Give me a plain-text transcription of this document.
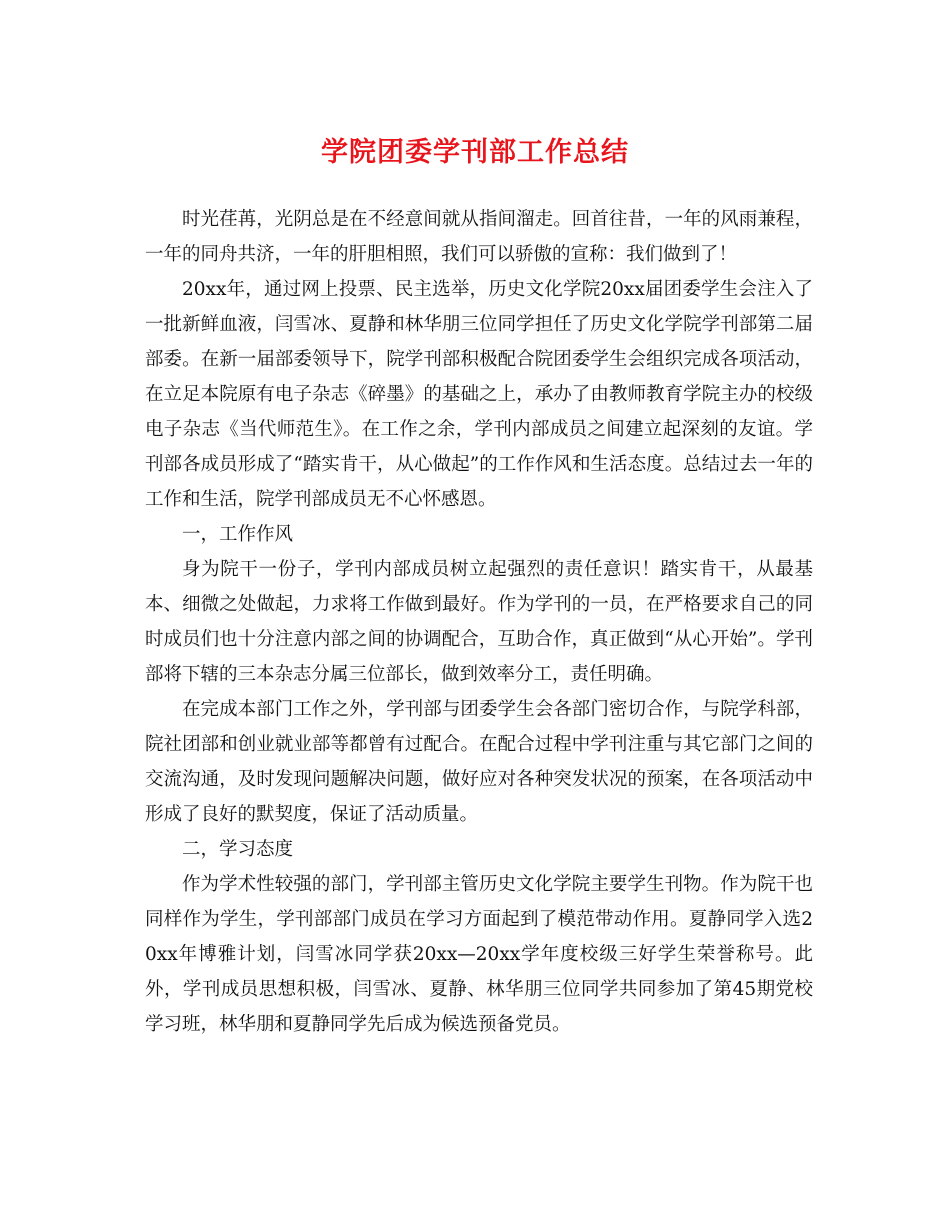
学院团委学刊部工作总结

时光荏苒，光阴总是在不经意间就从指间溜走。回首往昔，一年的风雨兼程，一年的同舟共济，一年的肝胆相照，我们可以骄傲的宣称：我们做到了！

20xx年，通过网上投票、民主选举，历史文化学院20xx届团委学生会注入了一批新鲜血液，闫雪冰、夏静和林华朋三位同学担任了历史文化学院学刊部第二届部委。在新一届部委领导下，院学刊部积极配合院团委学生会组织完成各项活动，在立足本院原有电子杂志《碎墨》的基础之上，承办了由教师教育学院主办的校级电子杂志《当代师范生》。在工作之余，学刊内部成员之间建立起深刻的友谊。学刊部各成员形成了“踏实肯干，从心做起”的工作作风和生活态度。总结过去一年的工作和生活，院学刊部成员无不心怀感恩。

一，工作作风

身为院干一份子，学刊内部成员树立起强烈的责任意识！踏实肯干，从最基本、细微之处做起，力求将工作做到最好。作为学刊的一员，在严格要求自己的同时成员们也十分注意内部之间的协调配合，互助合作，真正做到“从心开始”。学刊部将下辖的三本杂志分属三位部长，做到效率分工，责任明确。

在完成本部门工作之外，学刊部与团委学生会各部门密切合作，与院学科部，院社团部和创业就业部等都曾有过配合。在配合过程中学刊注重与其它部门之间的交流沟通，及时发现问题解决问题，做好应对各种突发状况的预案，在各项活动中形成了良好的默契度，保证了活动质量。

二，学习态度

作为学术性较强的部门，学刊部主管历史文化学院主要学生刊物。作为院干也同样作为学生，学刊部部门成员在学习方面起到了模范带动作用。夏静同学入选20xx年博雅计划，闫雪冰同学获20xx—20xx学年度校级三好学生荣誉称号。此外，学刊成员思想积极，闫雪冰、夏静、林华朋三位同学共同参加了第45期党校学习班，林华朋和夏静同学先后成为候选预备党员。
